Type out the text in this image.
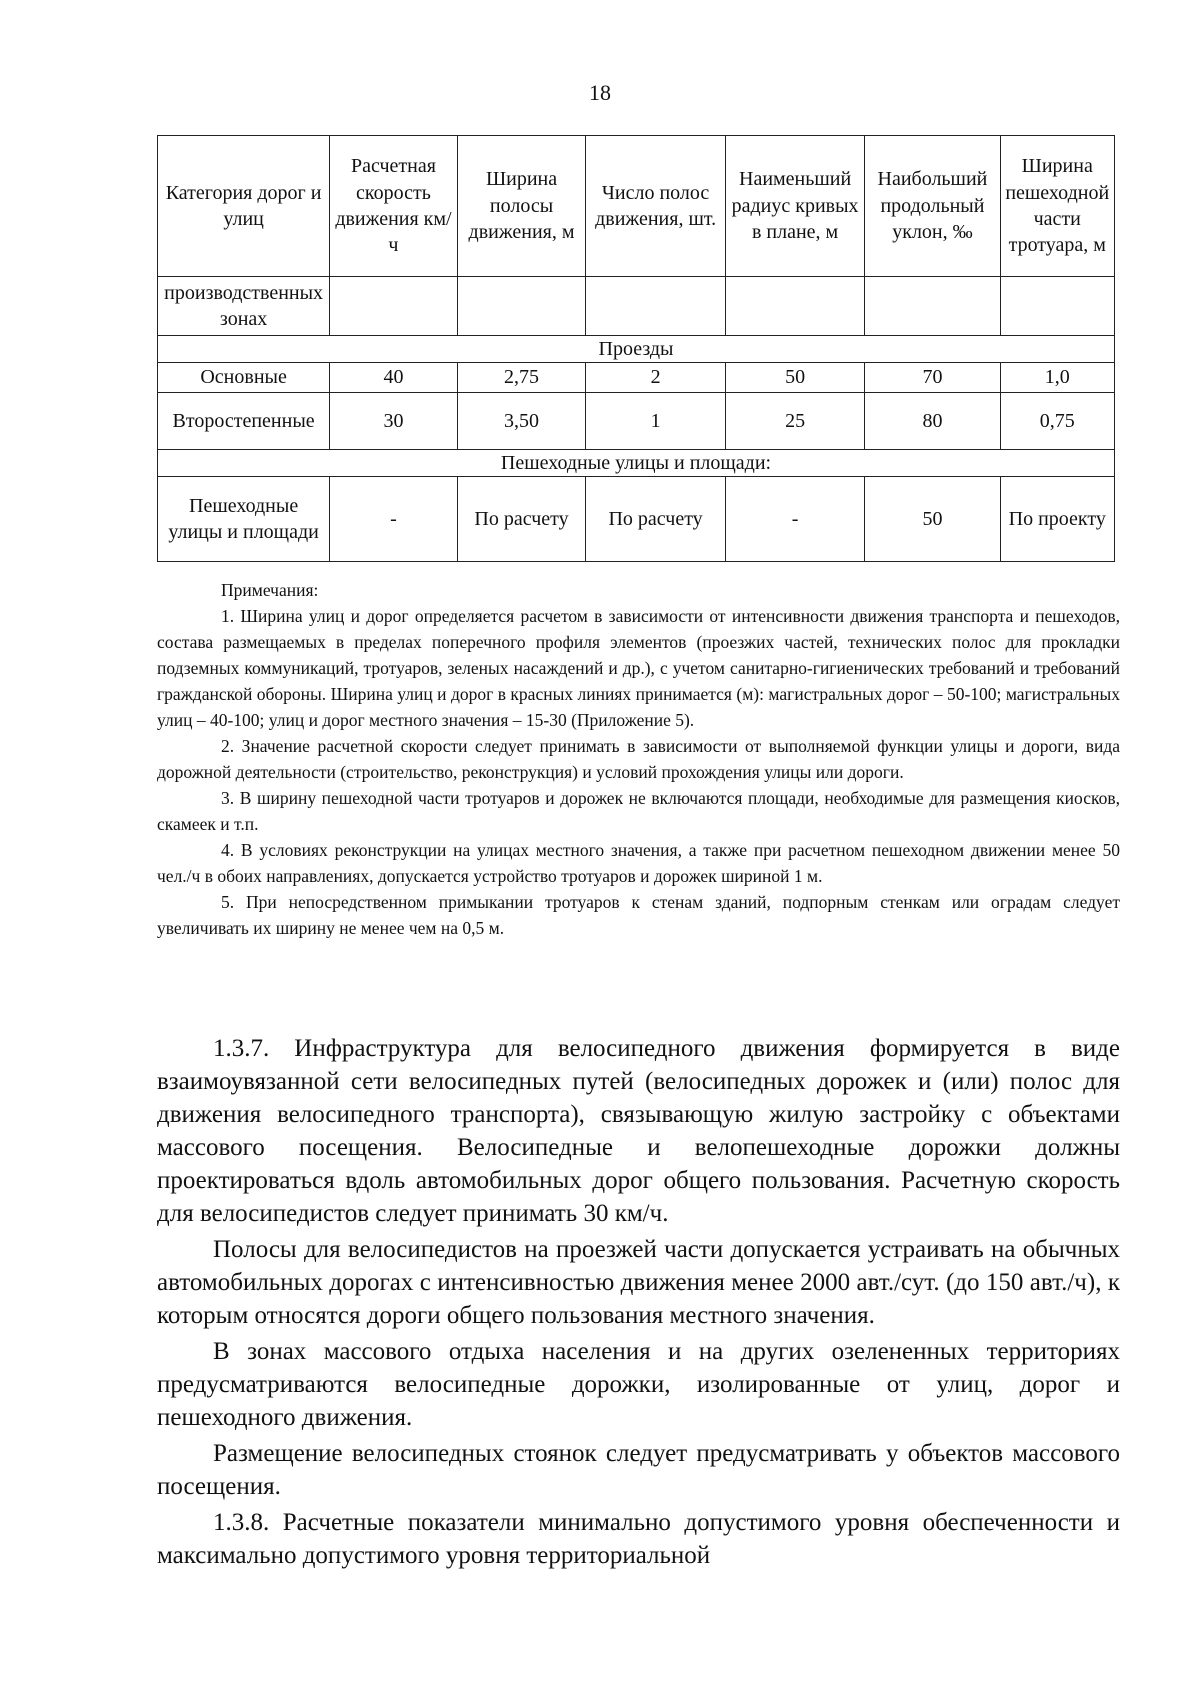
18
Категория дорог и улиц	Расчетная скорость движения км/ч	Ширина полосы движения, м	Число полос движения, шт.	Наименьший радиус кривых в плане, м	Наибольший продольный уклон, ‰	Ширина пешеходной части тротуара, м
производственных зонах						
Проезды						
Основные	40	2,75	2	50	70	1,0
Второстепенные	30	3,50	1	25	80	0,75
Пешеходные улицы и площади:						
Пешеходные улицы и площади	-	По расчету	По расчету	-	50	По проекту
Примечания:

1. Ширина улиц и дорог определяется расчетом в зависимости от интенсивности движения транспорта и пешеходов, состава размещаемых в пределах поперечного профиля элементов (проезжих частей, технических полос для прокладки подземных коммуникаций, тротуаров, зеленых насаждений и др.), с учетом санитарно-гигиенических требований и требований гражданской обороны. Ширина улиц и дорог в красных линиях принимается (м): магистральных дорог – 50-100; магистральных улиц – 40-100; улиц и дорог местного значения – 15-30 (Приложение 5).

2. Значение расчетной скорости следует принимать в зависимости от выполняемой функции улицы и дороги, вида дорожной деятельности (строительство, реконструкция) и условий прохождения улицы или дороги.

3. В ширину пешеходной части тротуаров и дорожек не включаются площади, необходимые для размещения киосков, скамеек и т.п.

4. В условиях реконструкции на улицах местного значения, а также при расчетном пешеходном движении менее 50 чел./ч в обоих направлениях, допускается устройство тротуаров и дорожек шириной 1 м.

5. При непосредственном примыкании тротуаров к стенам зданий, подпорным стенкам или оградам следует увеличивать их ширину не менее чем на 0,5 м.

1.3.7. Инфраструктура для велосипедного движения формируется в виде взаимоувязанной сети велосипедных путей (велосипедных дорожек и (или) полос для движения велосипедного транспорта), связывающую жилую застройку с объектами массового посещения. Велосипедные и велопешеходные дорожки должны проектироваться вдоль автомобильных дорог общего пользования. Расчетную скорость для велосипедистов следует принимать 30 км/ч.

Полосы для велосипедистов на проезжей части допускается устраивать на обычных автомобильных дорогах с интенсивностью движения менее 2000 авт./сут. (до 150 авт./ч), к которым относятся дороги общего пользования местного значения.

В зонах массового отдыха населения и на других озелененных территориях предусматриваются велосипедные дорожки, изолированные от улиц, дорог и пешеходного движения.

Размещение велосипедных стоянок следует предусматривать у объектов массового посещения.

1.3.8. Расчетные показатели минимально допустимого уровня обеспеченности и максимально допустимого уровня территориальной
